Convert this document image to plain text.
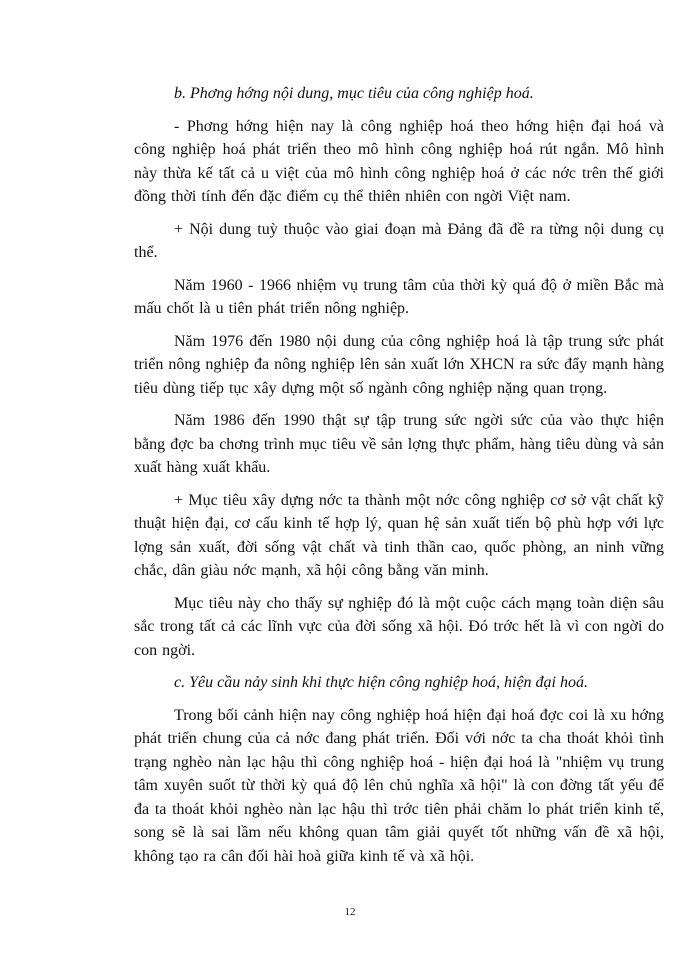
b. Phơng hớng nội dung, mục tiêu của công nghiệp hoá.

- Phơng hớng hiện nay là công nghiệp hoá theo hớng hiện đại hoá và công nghiệp hoá phát triển theo mô hình công nghiệp hoá rút ngắn. Mô hình này thừa kế tất cả u việt của mô hình công nghiệp hoá ở các nớc trên thế giới đồng thời tính đến đặc điểm cụ thể thiên nhiên con ngời Việt nam.

+ Nội dung tuỳ thuộc vào giai đoạn mà Đảng đã đề ra từng nội dung cụ thể.

Năm 1960 - 1966 nhiệm vụ trung tâm của thời kỳ quá độ ở miền Bắc mà mấu chốt là u tiên phát triển nông nghiệp.

Năm 1976 đến 1980 nội dung của công nghiệp hoá là tập trung sức phát triển nông nghiệp đa nông nghiệp lên sản xuất lớn XHCN ra sức đẩy mạnh hàng tiêu dùng tiếp tục xây dựng một số ngành công nghiệp nặng quan trọng.

Năm 1986 đến 1990 thật sự tập trung sức ngời sức của vào thực hiện bằng đợc ba chơng trình mục tiêu về sản lợng thực phẩm, hàng tiêu dùng và sản xuất hàng xuất khẩu.

+ Mục tiêu xây dựng nớc ta thành một nớc công nghiệp cơ sở vật chất kỹ thuật hiện đại, cơ cấu kinh tế hợp lý, quan hệ sản xuất tiến bộ phù hợp với lực lợng sản xuất, đời sống vật chất và tinh thần cao, quốc phòng, an ninh vững chắc, dân giàu nớc mạnh, xã hội công bằng văn minh.

Mục tiêu này cho thấy sự nghiệp đó là một cuộc cách mạng toàn diện sâu sắc trong tất cả các lĩnh vực của đời sống xã hội. Đó trớc hết là vì con ngời do con ngời.

c. Yêu cầu nảy sinh khi thực hiện công nghiệp hoá, hiện đại hoá.

Trong bối cảnh hiện nay công nghiệp hoá hiện đại hoá đợc coi là xu hớng phát triển chung của cả nớc đang phát triển. Đối với nớc ta cha thoát khỏi tình trạng nghèo nàn lạc hậu thì công nghiệp hoá - hiện đại hoá là "nhiệm vụ trung tâm xuyên suốt từ thời kỳ quá độ lên chủ nghĩa xã hội" là con đờng tất yếu để đa ta thoát khỏi nghèo nàn lạc hậu thì trớc tiên phải chăm lo phát triển kinh tế, song sẽ là sai lầm nếu không quan tâm giải quyết tốt những vấn đề xã hội, không tạo ra cân đối hài hoà giữa kinh tế và xã hội.

12
